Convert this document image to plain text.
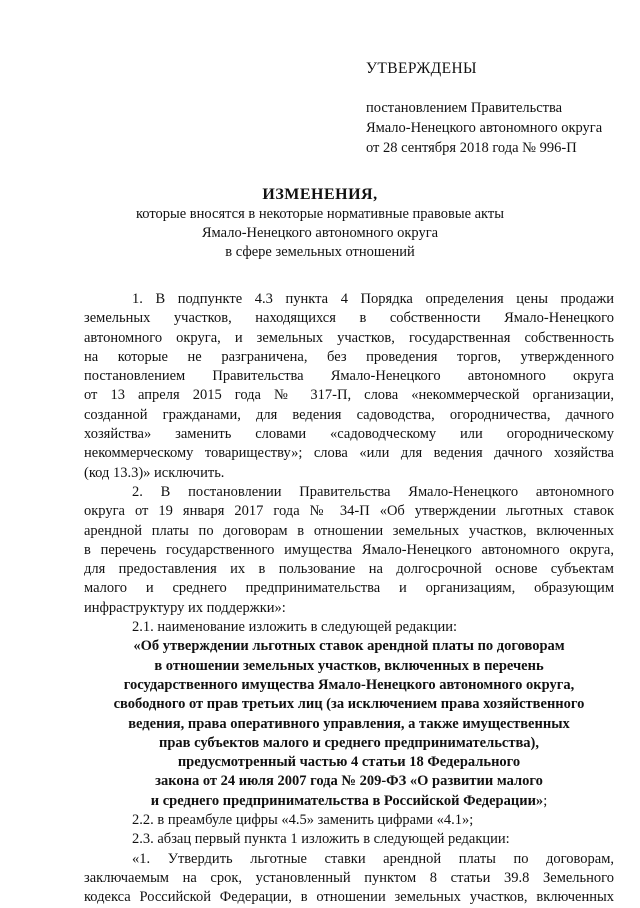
УТВЕРЖДЕНЫ
постановлением Правительства
Ямало-Ненецкого автономного округа
от 28 сентября 2018 года № 996-П
ИЗМЕНЕНИЯ,
которые вносятся в некоторые нормативные правовые акты
Ямало-Ненецкого автономного округа
в сфере земельных отношений
1. В подпункте 4.3 пункта 4 Порядка определения цены продажи
земельных участков, находящихся в собственности Ямало-Ненецкого
автономного округа, и земельных участков, государственная собственность
на которые не разграничена, без проведения торгов, утвержденного
постановлением Правительства Ямало-Ненецкого автономного округа
от 13 апреля 2015 года № 317-П, слова «некоммерческой организации,
созданной гражданами, для ведения садоводства, огородничества, дачного
хозяйства» заменить словами «садоводческому или огородническому
некоммерческому товариществу»; слова «или для ведения дачного хозяйства
(код 13.3)» исключить.
2. В постановлении Правительства Ямало-Ненецкого автономного
округа от 19 января 2017 года № 34-П «Об утверждении льготных ставок
арендной платы по договорам в отношении земельных участков, включенных
в перечень государственного имущества Ямало-Ненецкого автономного округа,
для предоставления их в пользование на долгосрочной основе субъектам
малого и среднего предпринимательства и организациям, образующим
инфраструктуру их поддержки»:
2.1. наименование изложить в следующей редакции:
«Об утверждении льготных ставок арендной платы по договорам
в отношении земельных участков, включенных в перечень
государственного имущества Ямало-Ненецкого автономного округа,
свободного от прав третьих лиц (за исключением права хозяйственного
ведения, права оперативного управления, а также имущественных
прав субъектов малого и среднего предпринимательства),
предусмотренный частью 4 статьи 18 Федерального
закона от 24 июля 2007 года № 209-ФЗ «О развитии малого
и среднего предпринимательства в Российской Федерации»;
2.2. в преамбуле цифры «4.5» заменить цифрами «4.1»;
2.3. абзац первый пункта 1 изложить в следующей редакции:
«1. Утвердить льготные ставки арендной платы по договорам,
заключаемым на срок, установленный пунктом 8 статьи 39.8 Земельного
кодекса Российской Федерации, в отношении земельных участков, включенных
